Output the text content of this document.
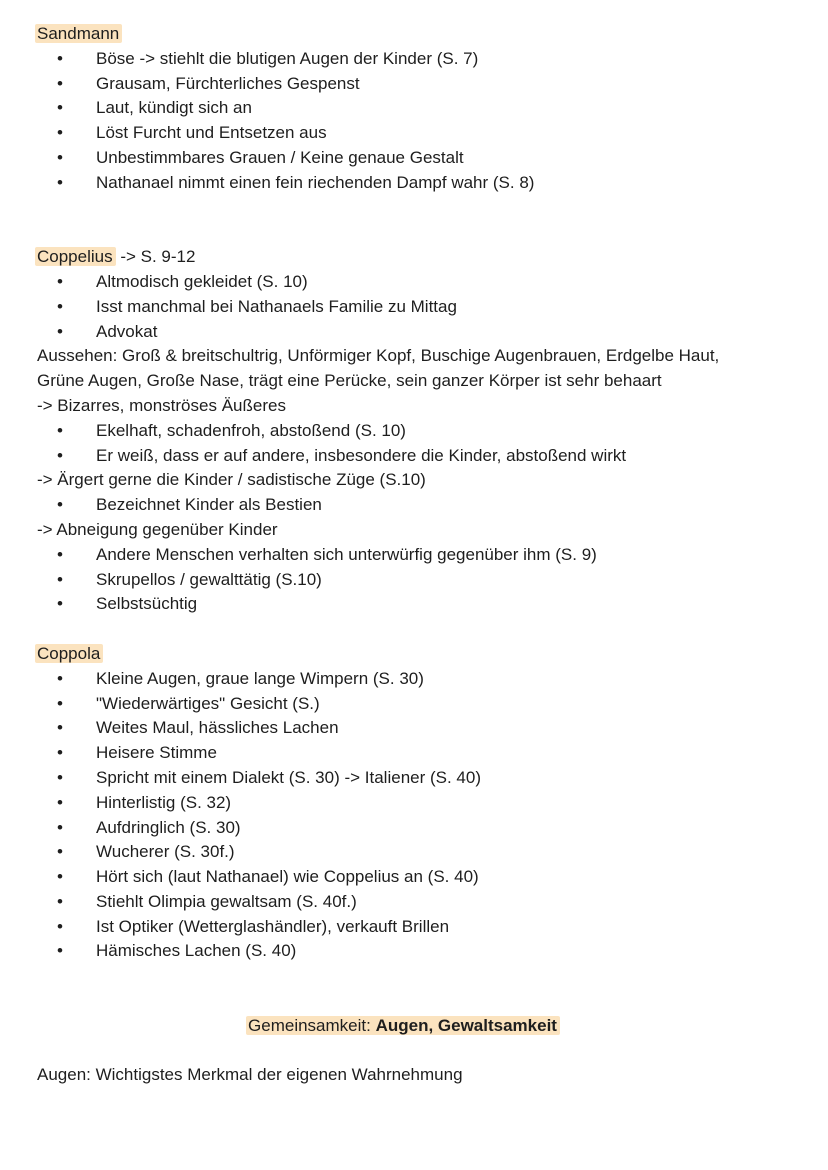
Sandmann
• Böse -> stiehlt die blutigen Augen der Kinder (S. 7)
• Grausam, Fürchterliches Gespenst
• Laut, kündigt sich an
• Löst Furcht und Entsetzen aus
• Unbestimmbares Grauen / Keine genaue Gestalt
• Nathanael nimmt einen fein riechenden Dampf wahr (S. 8)
Coppelius -> S. 9-12
• Altmodisch gekleidet (S. 10)
• Isst manchmal bei Nathanaels Familie zu Mittag
• Advokat
Aussehen: Groß & breitschultrig, Unförmiger Kopf, Buschige Augenbrauen, Erdgelbe Haut,
Grüne Augen, Große Nase, trägt eine Perücke, sein ganzer Körper ist sehr behaart
-> Bizarres, monströses Äußeres
• Ekelhaft, schadenfroh, abstoßend (S. 10)
• Er weiß, dass er auf andere, insbesondere die Kinder, abstoßend wirkt
-> Ärgert gerne die Kinder / sadistische Züge (S.10)
• Bezeichnet Kinder als Bestien
-> Abneigung gegenüber Kinder
• Andere Menschen verhalten sich unterwürfig gegenüber ihm (S. 9)
• Skrupellos / gewalttätig (S.10)
• Selbstsüchtig
Coppola
• Kleine Augen, graue lange Wimpern (S. 30)
• "Wiederwärtiges" Gesicht (S.)
• Weites Maul, hässliches Lachen
• Heisere Stimme
• Spricht mit einem Dialekt (S. 30) -> Italiener (S. 40)
• Hinterlistig (S. 32)
• Aufdringlich (S. 30)
• Wucherer (S. 30f.)
• Hört sich (laut Nathanael) wie Coppelius an (S. 40)
• Stiehlt Olimpia gewaltsam (S. 40f.)
• Ist Optiker (Wetterglashändler), verkauft Brillen
• Hämisches Lachen (S. 40)
Gemeinsamkeit: Augen, Gewaltsamkeit
Augen: Wichtigstes Merkmal der eigenen Wahrnehmung
